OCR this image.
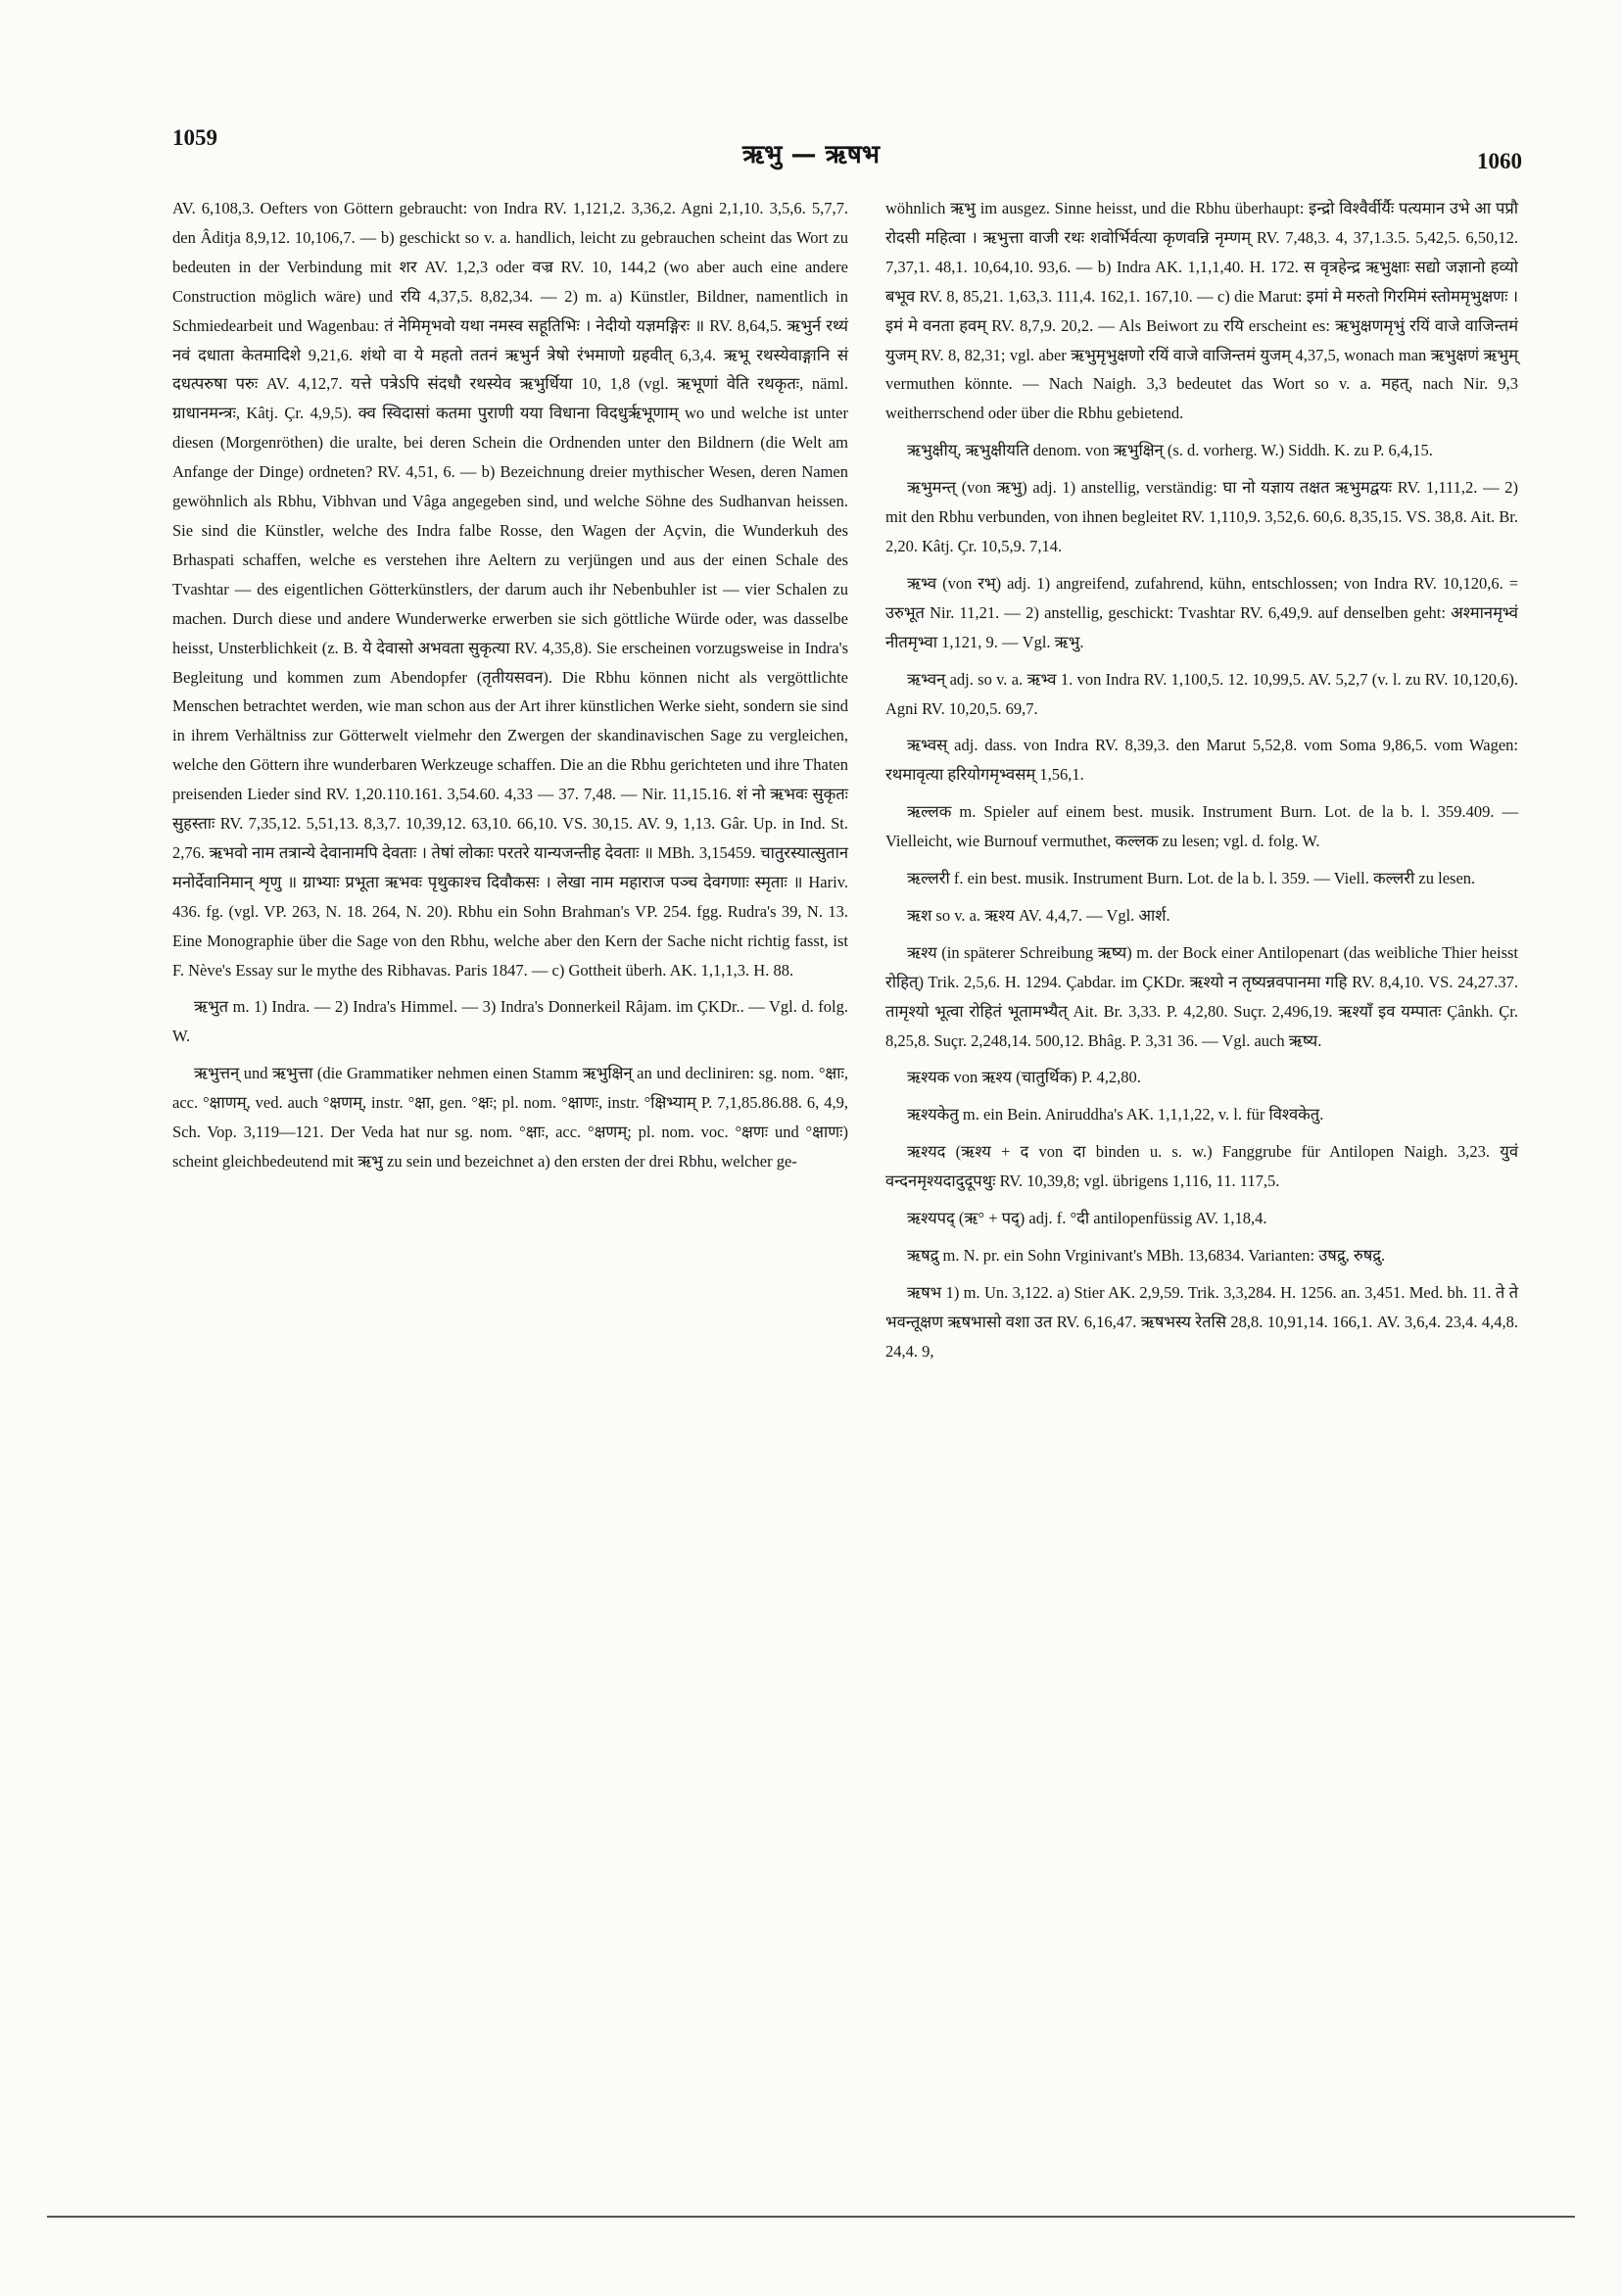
1059
ऋभु — ऋषभ	1060

AV. 6,108,3. Oefters von Göttern gebraucht: von Indra RV. 1,121,2. 3,36,2. Agni 2,1,10. 3,5,6. 5,7,7. den Âditja 8,9,12. 10,106,7. — b) geschickt so v. a. handlich, leicht zu gebrauchen scheint das Wort zu bedeuten in der Verbindung mit शर AV. 1,2,3 oder वज्र RV. 10, 144,2 (wo aber auch eine andere Construction möglich wäre) und रयि 4,37,5. 8,82,34. — 2) m. a) Künstler, Bildner, namentlich in Schmiedearbeit und Wagenbau: तं नेमिमृभवो यथा नमस्व सहूतिभिः । नेदीयो यज्ञमङ्गिरः ॥ RV. 8,64,5. ऋभुर्न रथ्यं नवं दधाता केतमादिशे 9,21,6. शंथो वा ये महतो ततनं ऋभुर्न त्रेषो रंभमाणो ग्रहवीत् 6,3,4. ऋभू रथस्येवाङ्गानि सं दधत्परुषा परुः AV. 4,12,7. यत्ते पत्रेऽपि संदधौ रथस्येव ऋभुर्धिया 10, 1,8 (vgl. ऋभूणां वेति रथकृतः, näml. ग्राधानमन्त्रः, Kâtj. Çr. 4,9,5). क्व स्विदासां कतमा पुराणी यया विधाना विदधुर्ऋभूणाम् wo und welche ist unter diesen (Morgenröthen) die uralte, bei deren Schein die Ordnenden unter den Bildnern (die Welt am Anfange der Dinge) ordneten? RV. 4,51, 6. — b) Bezeichnung dreier mythischer Wesen, deren Namen gewöhnlich als Rbhu, Vibhvan und Vâga angegeben sind, und welche Söhne des Sudhanvan heissen. Sie sind die Künstler, welche des Indra falbe Rosse, den Wagen der Açvin, die Wunderkuh des Brhaspati schaffen, welche es verstehen ihre Aeltern zu verjüngen und aus der einen Schale des Tvashtar — des eigentlichen Götterkünstlers, der darum auch ihr Nebenbuhler ist — vier Schalen zu machen. Durch diese und andere Wunderwerke erwerben sie sich göttliche Würde oder, was dasselbe heisst, Unsterblichkeit (z. B. ये देवासो अभवता सुकृत्या RV. 4,35,8). Sie erscheinen vorzugsweise in Indra's Begleitung und kommen zum Abendopfer (तृतीयसवन). Die Rbhu können nicht als vergöttlichte Menschen betrachtet werden, wie man schon aus der Art ihrer künstlichen Werke sieht, sondern sie sind in ihrem Verhältniss zur Götterwelt vielmehr den Zwergen der skandinavischen Sage zu vergleichen, welche den Göttern ihre wunderbaren Werkzeuge schaffen. Die an die Rbhu gerichteten und ihre Thaten preisenden Lieder sind RV. 1,20.110.161. 3,54.60. 4,33 — 37. 7,48. — Nir. 11,15.16. शं नो ऋभवः सुकृतः सुहस्ताः RV. 7,35,12. 5,51,13. 8,3,7. 10,39,12. 63,10. 66,10. VS. 30,15. AV. 9, 1,13. Gâr. Up. in Ind. St. 2,76. ऋभवो नाम तत्रान्ये देवानामपि देवताः । तेषां लोकाः परतरे यान्यजन्तीह देवताः ॥ MBh. 3,15459. चातुरस्यात्सुतान मनोर्देवानिमान् शृणु ॥ ग्राभ्याः प्रभूता ऋभवः पृथुकाश्च दिवौकसः । लेखा नाम महाराज पञ्च देवगणाः स्मृताः ॥ Hariv. 436. fg. (vgl. VP. 263, N. 18. 264, N. 20). Rbhu ein Sohn Brahman's VP. 254. fgg. Rudra's 39, N. 13. Eine Monographie über die Sage von den Rbhu, welche aber den Kern der Sache nicht richtig fasst, ist F. Nève's Essay sur le mythe des Ribhavas. Paris 1847. — c) Gottheit überh. AK. 1,1,1,3. H. 88.

ऋभुत m. 1) Indra. — 2) Indra's Himmel. — 3) Indra's Donnerkeil Râjam. im ÇKDr.. — Vgl. d. folg. W.

ऋभुत्तन् und ऋभुत्ता (die Grammatiker nehmen einen Stamm ऋभुक्षिन् an und decliniren: sg. nom. °क्षाः, acc. °क्षाणम्, ved. auch °क्षणम्, instr. °क्षा, gen. °क्षः; pl. nom. °क्षाणः, instr. °क्षिभ्याम् P. 7,1,85.86.88. 6, 4,9, Sch. Vop. 3,119—121. Der Veda hat nur sg. nom. °क्षाः, acc. °क्षणम्; pl. nom. voc. °क्षणः und °क्षाणः) scheint gleichbedeutend mit ऋभु zu sein und bezeichnet a) den ersten der drei Rbhu, welcher ge-

wöhnlich ऋभु im ausgez. Sinne heisst, und die Rbhu überhaupt: इन्द्रो विश्वैर्वीर्यैः पत्यमान उभे आ पप्रौ रोदसी महित्वा । ऋभुत्ता वाजी रथः शवोर्भिर्वत्या कृणवन्नि नृम्णम् RV. 7,48,3. 4, 37,1.3.5. 5,42,5. 6,50,12. 7,37,1. 48,1. 10,64,10. 93,6. — b) Indra AK. 1,1,1,40. H. 172. स वृत्रहेन्द्र ऋभुक्षाः सद्यो जज्ञानो हव्यो बभूव RV. 8, 85,21. 1,63,3. 111,4. 162,1. 167,10. — c) die Marut: इमां मे मरुतो गिरमिमं स्तोममृभुक्षणः । इमं मे वनता हवम् RV. 8,7,9. 20,2. — Als Beiwort zu रयि erscheint es: ऋभुक्षणमृभुं रयिं वाजे वाजिन्तमं युजम् RV. 8, 82,31; vgl. aber ऋभुमृभुक्षणो रयिं वाजे वाजिन्तमं युजम् 4,37,5, wonach man ऋभुक्षणं ऋभुम् vermuthen könnte. — Nach Naigh. 3,3 bedeutet das Wort so v. a. महत्, nach Nir. 9,3 weitherrschend oder über die Rbhu gebietend.

ऋभुक्षीय्, ऋभुक्षीयति denom. von ऋभुक्षिन् (s. d. vorherg. W.) Siddh. K. zu P. 6,4,15.

ऋभुमन्त् (von ऋभु) adj. 1) anstellig, verständig: घा नो यज्ञाय तक्षत ऋभुमद्वयः RV. 1,111,2. — 2) mit den Rbhu verbunden, von ihnen begleitet RV. 1,110,9. 3,52,6. 60,6. 8,35,15. VS. 38,8. Ait. Br. 2,20. Kâtj. Çr. 10,5,9. 7,14.

ऋभ्व (von रभ्) adj. 1) angreifend, zufahrend, kühn, entschlossen; von Indra RV. 10,120,6. = उरुभूत Nir. 11,21. — 2) anstellig, geschickt: Tvashtar RV. 6,49,9. auf denselben geht: अश्मानमृभ्वं नीतमृभ्वा 1,121, 9. — Vgl. ऋभु.

ऋभ्वन् adj. so v. a. ऋभ्व 1. von Indra RV. 1,100,5. 12. 10,99,5. AV. 5,2,7 (v. l. zu RV. 10,120,6). Agni RV. 10,20,5. 69,7.

ऋभ्वस् adj. dass. von Indra RV. 8,39,3. den Marut 5,52,8. vom Soma 9,86,5. vom Wagen: रथमावृत्या हरियोगमृभ्वसम् 1,56,1.

ऋल्लक m. Spieler auf einem best. musik. Instrument Burn. Lot. de la b. l. 359.409. — Vielleicht, wie Burnouf vermuthet, कल्लक zu lesen; vgl. d. folg. W.

ऋल्लरी f. ein best. musik. Instrument Burn. Lot. de la b. l. 359. — Viell. कल्लरी zu lesen.

ऋश so v. a. ऋश्य AV. 4,4,7. — Vgl. आर्श.

ऋश्य (in späterer Schreibung ऋष्य) m. der Bock einer Antilopenart (das weibliche Thier heisst रोहित्) Trik. 2,5,6. H. 1294. Çabdar. im ÇKDr. ऋश्यो न तृष्यन्नवपानमा गहि RV. 8,4,10. VS. 24,27.37. तामृश्यो भूत्वा रोहितं भूतामभ्यैत् Ait. Br. 3,33. P. 4,2,80. Suçr. 2,496,19. ऋश्याँ इव यम्पातः Çânkh. Çr. 8,25,8. Suçr. 2,248,14. 500,12. Bhâg. P. 3,31 36. — Vgl. auch ऋष्य.

ऋश्यक von ऋश्य (चातुर्थिक) P. 4,2,80.

ऋश्यकेतु m. ein Bein. Aniruddha's AK. 1,1,1,22, v. l. für विश्वकेतु.

ऋश्यद (ऋश्य + द von दा binden u. s. w.) Fanggrube für Antilopen Naigh. 3,23. युवं वन्दनमृश्यदादुदूपथुः RV. 10,39,8; vgl. übrigens 1,116, 11. 117,5.

ऋश्यपद् (ऋ° + पद्) adj. f. °दी antilopenfüssig AV. 1,18,4.

ऋषद्रु m. N. pr. ein Sohn Vrginivant's MBh. 13,6834. Varianten: उषद्रु, रुषद्रु.

ऋषभ 1) m. Un. 3,122. a) Stier AK. 2,9,59. Trik. 3,3,284. H. 1256. an. 3,451. Med. bh. 11. ते ते भवन्तूक्षण ऋषभासो वशा उत RV. 6,16,47. ऋषभस्य रेतसि 28,8. 10,91,14. 166,1. AV. 3,6,4. 23,4. 4,4,8. 24,4. 9,
